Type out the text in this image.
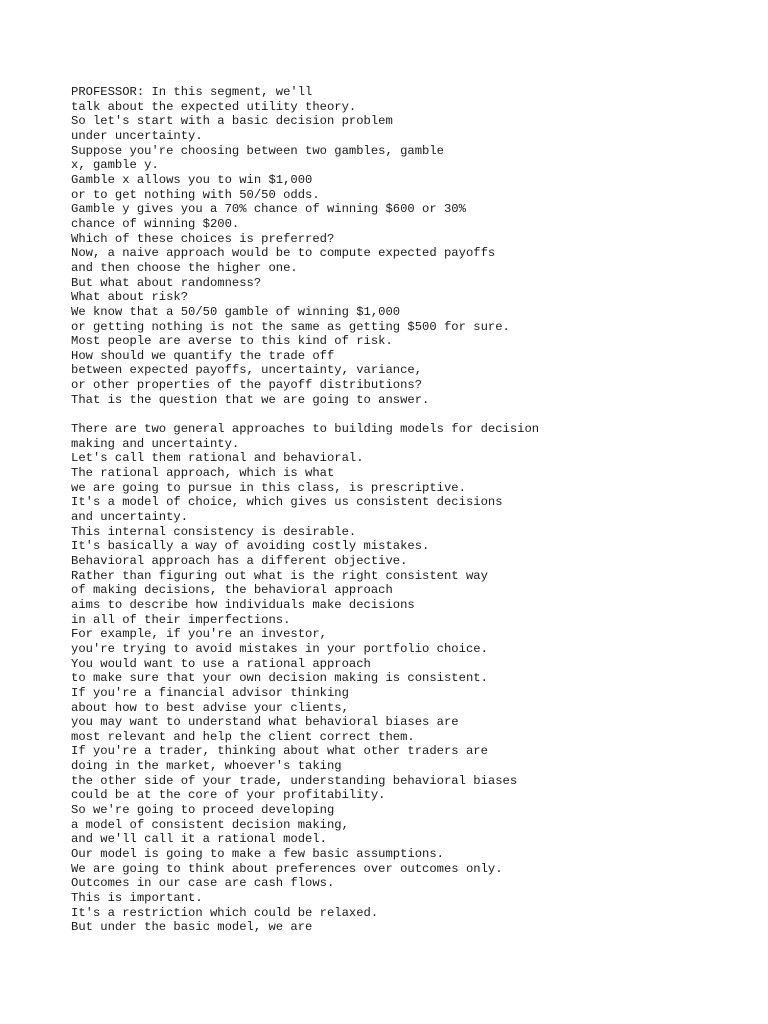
PROFESSOR: In this segment, we'll
talk about the expected utility theory.
So let's start with a basic decision problem
under uncertainty.
Suppose you're choosing between two gambles, gamble
x, gamble y.
Gamble x allows you to win $1,000
or to get nothing with 50/50 odds.
Gamble y gives you a 70% chance of winning $600 or 30%
chance of winning $200.
Which of these choices is preferred?
Now, a naive approach would be to compute expected payoffs
and then choose the higher one.
But what about randomness?
What about risk?
We know that a 50/50 gamble of winning $1,000
or getting nothing is not the same as getting $500 for sure.
Most people are averse to this kind of risk.
How should we quantify the trade off
between expected payoffs, uncertainty, variance,
or other properties of the payoff distributions?
That is the question that we are going to answer.
There are two general approaches to building models for decision
making and uncertainty.
Let's call them rational and behavioral.
The rational approach, which is what
we are going to pursue in this class, is prescriptive.
It's a model of choice, which gives us consistent decisions
and uncertainty.
This internal consistency is desirable.
It's basically a way of avoiding costly mistakes.
Behavioral approach has a different objective.
Rather than figuring out what is the right consistent way
of making decisions, the behavioral approach
aims to describe how individuals make decisions
in all of their imperfections.
For example, if you're an investor,
you're trying to avoid mistakes in your portfolio choice.
You would want to use a rational approach
to make sure that your own decision making is consistent.
If you're a financial advisor thinking
about how to best advise your clients,
you may want to understand what behavioral biases are
most relevant and help the client correct them.
If you're a trader, thinking about what other traders are
doing in the market, whoever's taking
the other side of your trade, understanding behavioral biases
could be at the core of your profitability.
So we're going to proceed developing
a model of consistent decision making,
and we'll call it a rational model.
Our model is going to make a few basic assumptions.
We are going to think about preferences over outcomes only.
Outcomes in our case are cash flows.
This is important.
It's a restriction which could be relaxed.
But under the basic model, we are
